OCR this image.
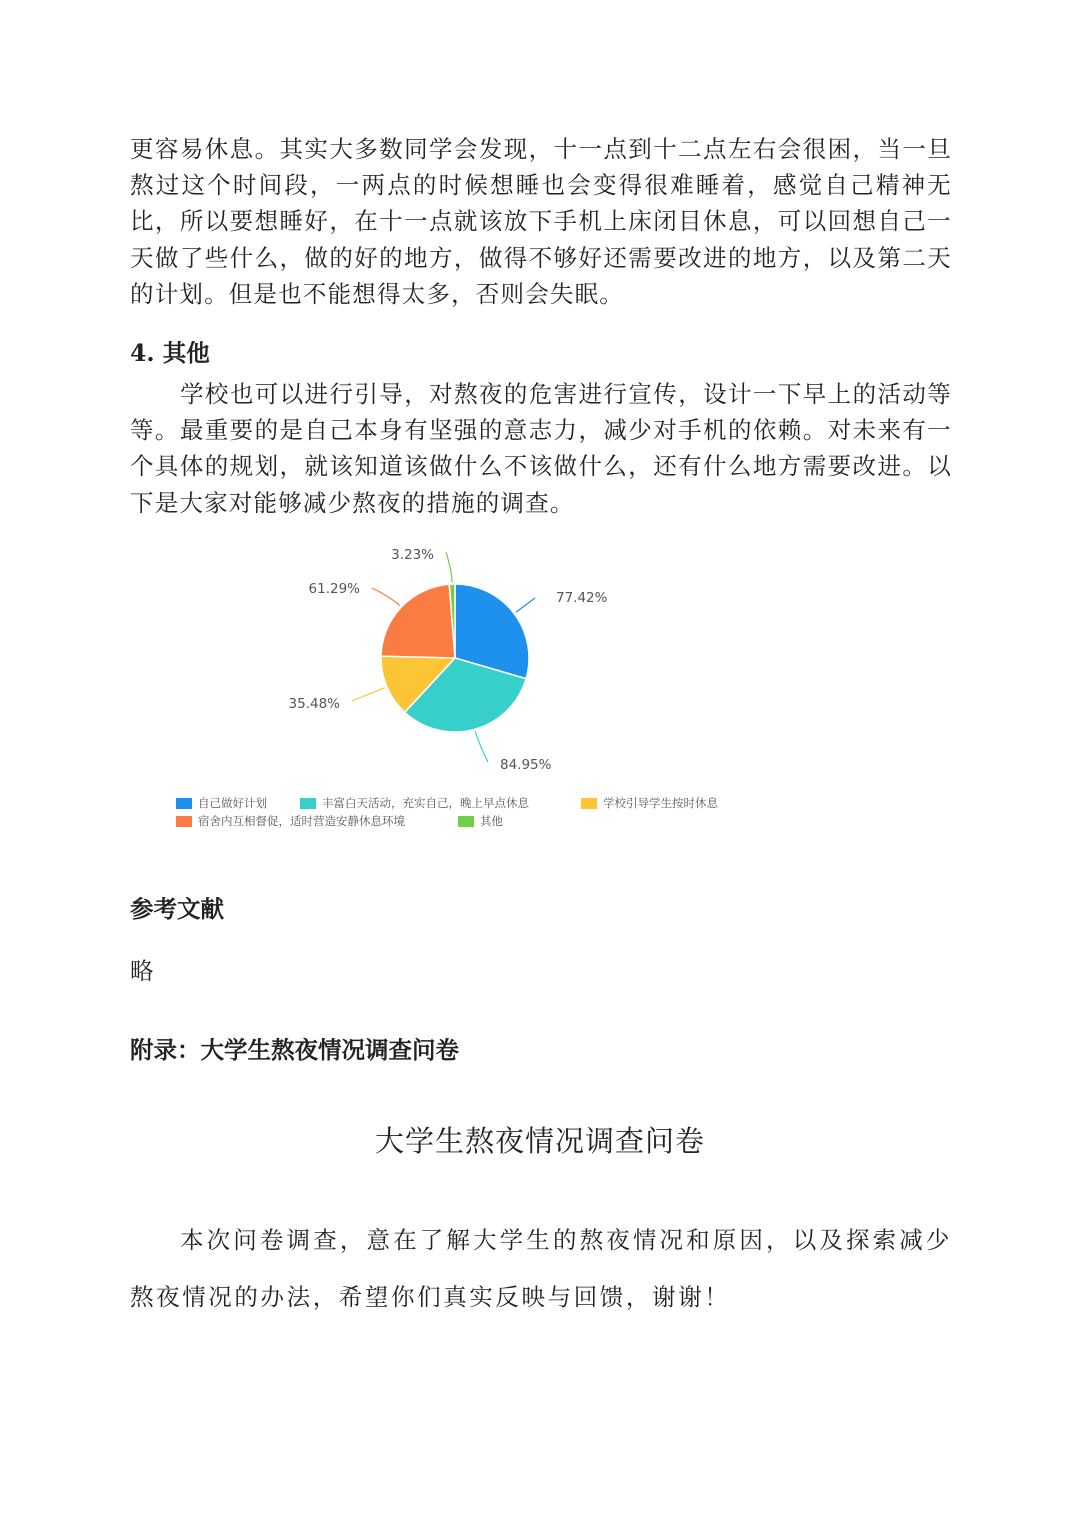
更容易休息。其实大多数同学会发现，十一点到十二点左右会很困，当一旦熬过这个时间段，一两点的时候想睡也会变得很难睡着，感觉自己精神无比，所以要想睡好，在十一点就该放下手机上床闭目休息，可以回想自己一天做了些什么，做的好的地方，做得不够好还需要改进的地方，以及第二天的计划。但是也不能想得太多，否则会失眠。

4. 其他

学校也可以进行引导，对熬夜的危害进行宣传，设计一下早上的活动等等。最重要的是自己本身有坚强的意志力，减少对手机的依赖。对未来有一个具体的规划，就该知道该做什么不该做什么，还有什么地方需要改进。以下是大家对能够减少熬夜的措施的调查。

77.42%
84.95%
35.48%
61.29%
3.23%
自己做好计划	丰富白天活动，充实自己，晚上早点休息	学校引导学生按时休息
宿舍内互相督促，适时营造安静休息环境	其他

参考文献

略

附录：大学生熬夜情况调查问卷

大学生熬夜情况调查问卷

本次问卷调查，意在了解大学生的熬夜情况和原因，以及探索减少熬夜情况的办法，希望你们真实反映与回馈，谢谢！
